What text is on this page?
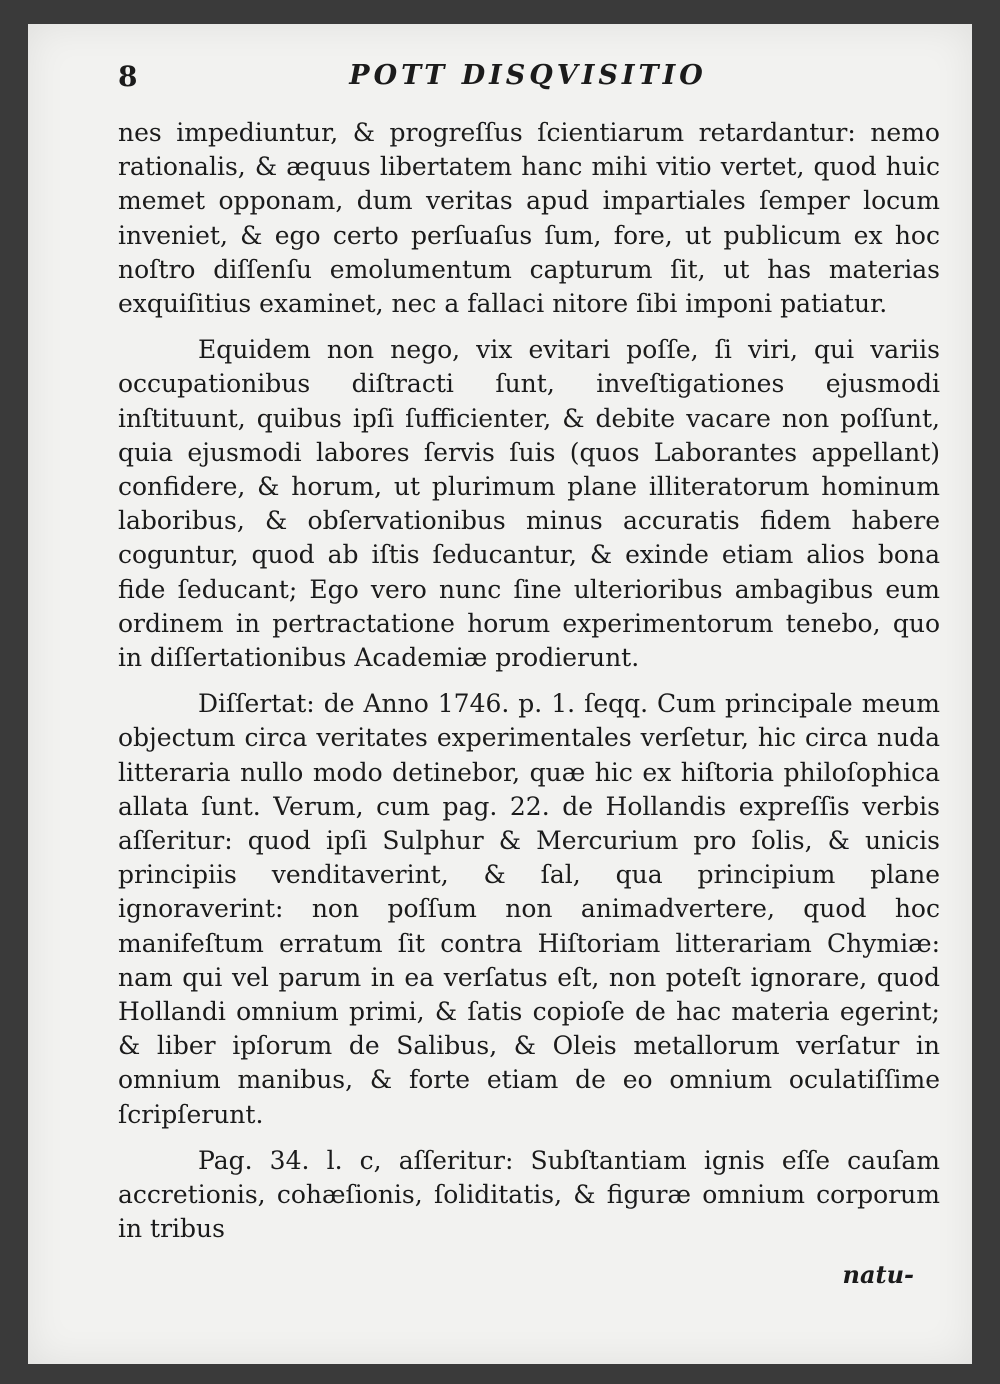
8	POTT DISQVISITIO

nes impediuntur, & progreſſus ſcientiarum retardantur: nemo rationalis, & æquus libertatem hanc mihi vitio vertet, quod huic memet opponam, dum veritas apud impartiales ſemper locum inveniet, & ego certo perſuaſus ſum, fore, ut publicum ex hoc noſtro diſſenſu emolumentum capturum ſit, ut has materias exquiſitius examinet, nec a fallaci nitore ſibi imponi patiatur.

Equidem non nego, vix evitari poſſe, ſi viri, qui variis occupationibus diſtracti ſunt, inveſtigationes ejusmodi inſtituunt, quibus ipſi ſufficienter, & debite vacare non poſſunt, quia ejusmodi labores ſervis ſuis (quos Laborantes appellant) confidere, & horum, ut plurimum plane illiteratorum hominum laboribus, & obſervationibus minus accuratis fidem habere coguntur, quod ab iſtis ſeducantur, & exinde etiam alios bona fide ſeducant; Ego vero nunc ſine ulterioribus ambagibus eum ordinem in pertractatione horum experimentorum tenebo, quo in diſſertationibus Academiæ prodierunt.

Diſſertat: de Anno 1746. p. 1. ſeqq. Cum principale meum objectum circa veritates experimentales verſetur, hic circa nuda litteraria nullo modo detinebor, quæ hic ex hiſtoria philoſophica allata ſunt. Verum, cum pag. 22. de Hollandis expreſſis verbis aſſeritur: quod ipſi Sulphur & Mercurium pro ſolis, & unicis principiis venditaverint, & ſal, qua principium plane ignoraverint: non poſſum non animadvertere, quod hoc manifeſtum erratum ſit contra Hiſtoriam litterariam Chymiæ: nam qui vel parum in ea verſatus eſt, non poteſt ignorare, quod Hollandi omnium primi, & ſatis copioſe de hac materia egerint; & liber ipſorum de Salibus, & Oleis metallorum verſatur in omnium manibus, & forte etiam de eo omnium oculatiſſime ſcripſerunt.

Pag. 34. l. c, aſſeritur: Subſtantiam ignis eſſe cauſam accretionis, cohæſionis, ſoliditatis, & figuræ omnium corporum in tribus

natu-
